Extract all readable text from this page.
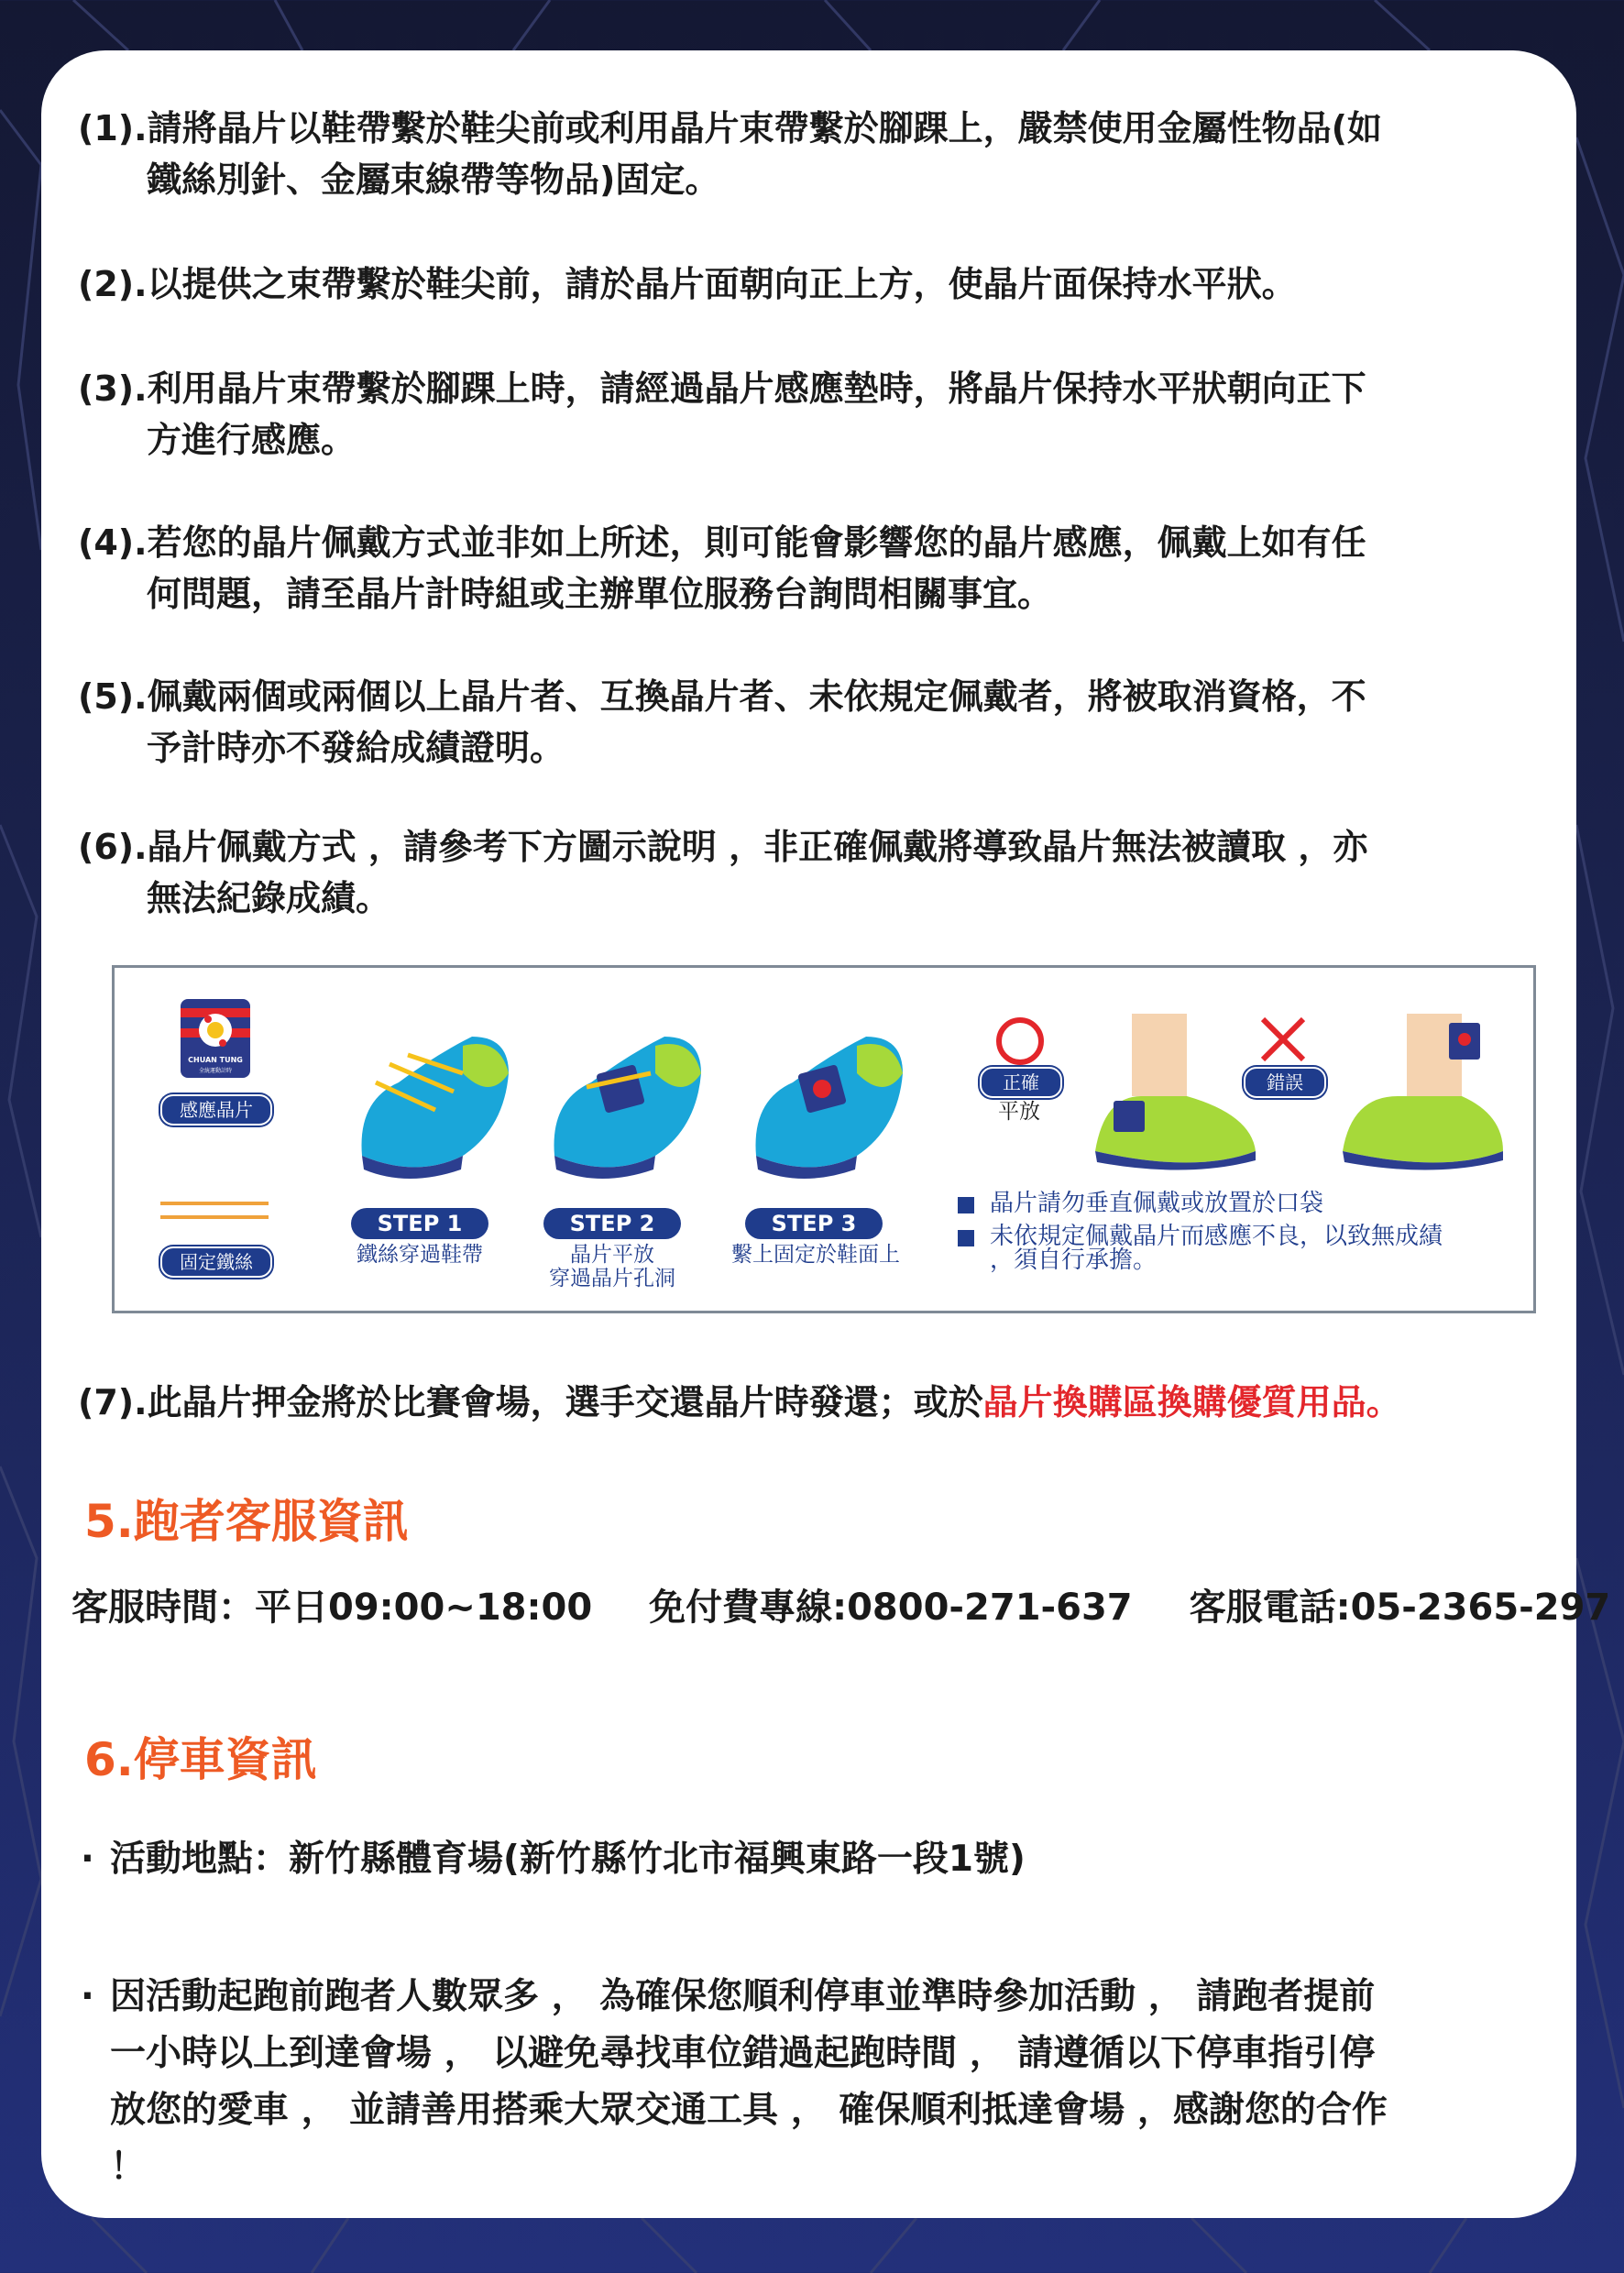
(1).請將晶片以鞋帶繫於鞋尖前或利用晶片束帶繫於腳踝上，嚴禁使用金屬性物品(如
鐵絲別針、金屬束線帶等物品)固定。
(2).以提供之束帶繫於鞋尖前，請於晶片面朝向正上方，使晶片面保持水平狀。
(3).利用晶片束帶繫於腳踝上時，請經過晶片感應墊時，將晶片保持水平狀朝向正下
方進行感應。
(4).若您的晶片佩戴方式並非如上所述，則可能會影響您的晶片感應，佩戴上如有任
何問題，請至晶片計時組或主辦單位服務台詢問相關事宜。
(5).佩戴兩個或兩個以上晶片者、互換晶片者、未依規定佩戴者，將被取消資格，不
予計時亦不發給成績證明。
(6).晶片佩戴方式 ，請參考下方圖示說明 ，非正確佩戴將導致晶片無法被讀取 ，亦
無法紀錄成績。
CHUAN TUNG
全統運動計時
感應晶片
固定鐵絲
STEP 1
鐵絲穿過鞋帶
STEP 2
晶片平放
穿過晶片孔洞
STEP 3
繫上固定於鞋面上
正確
平放
錯誤
晶片請勿垂直佩戴或放置於口袋
未依規定佩戴晶片而感應不良，以致無成績
，須自行承擔。
(7).此晶片押金將於比賽會場，選手交還晶片時發還；或於晶片換購區換購優質用品。
5.跑者客服資訊
客服時間：平日09:00~18:00 免付費專線:0800-271-637 客服電話:05-2365-297
6.停車資訊
· 活動地點：新竹縣體育場(新竹縣竹北市福興東路一段1號)
· 因活動起跑前跑者人數眾多 ， 為確保您順利停車並準時參加活動 ， 請跑者提前
一小時以上到達會場 ， 以避免尋找車位錯過起跑時間 ， 請遵循以下停車指引停
放您的愛車 ， 並請善用搭乘大眾交通工具 ， 確保順利抵達會場 ，感謝您的合作
！
